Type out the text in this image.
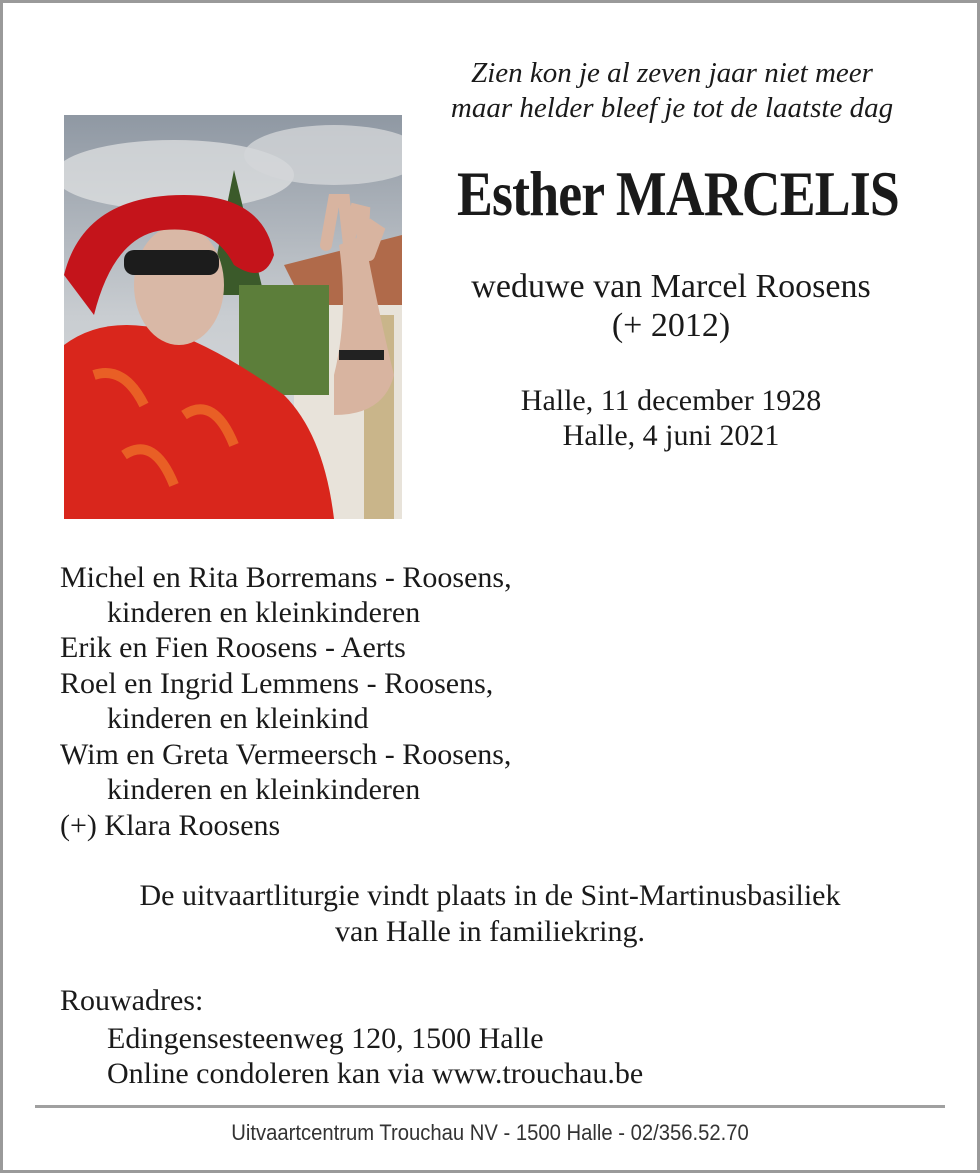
Zien kon je al zeven jaar niet meer
maar helder bleef je tot de laatste dag
Esther MARCELIS
weduwe van Marcel Roosens
(+ 2012)
Halle, 11 december 1928
Halle, 4 juni 2021
Michel en Rita Borremans - Roosens,
kinderen en kleinkinderen
Erik en Fien Roosens - Aerts
Roel en Ingrid Lemmens - Roosens,
kinderen en kleinkind
Wim en Greta Vermeersch - Roosens,
kinderen en kleinkinderen
(+) Klara Roosens
De uitvaartliturgie vindt plaats in de Sint-Martinusbasiliek
van Halle in familiekring.
Rouwadres:
Edingensesteenweg 120, 1500 Halle
Online condoleren kan via www.trouchau.be
Uitvaartcentrum Trouchau NV - 1500 Halle - 02/356.52.70
